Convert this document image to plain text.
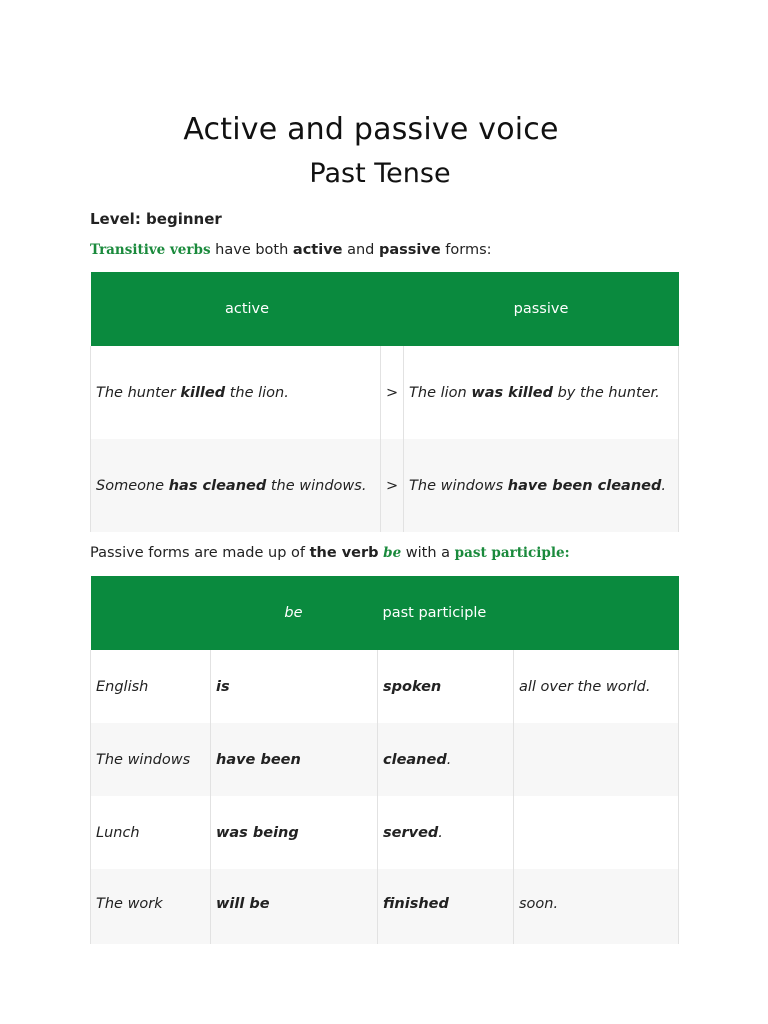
Active and passive voice
Past Tense
Level: beginner
Transitive verbs have both active and passive forms:
active		passive
The hunter killed the lion.	>	The lion was killed by the hunter.
Someone has cleaned the windows.	>	The windows have been cleaned.
Passive forms are made up of the verb be with a past participle:
be		past participle	
English	is	spoken	all over the world.
The windows	have been	cleaned.	
Lunch	was being	served.	
The work	will be	finished	soon.
